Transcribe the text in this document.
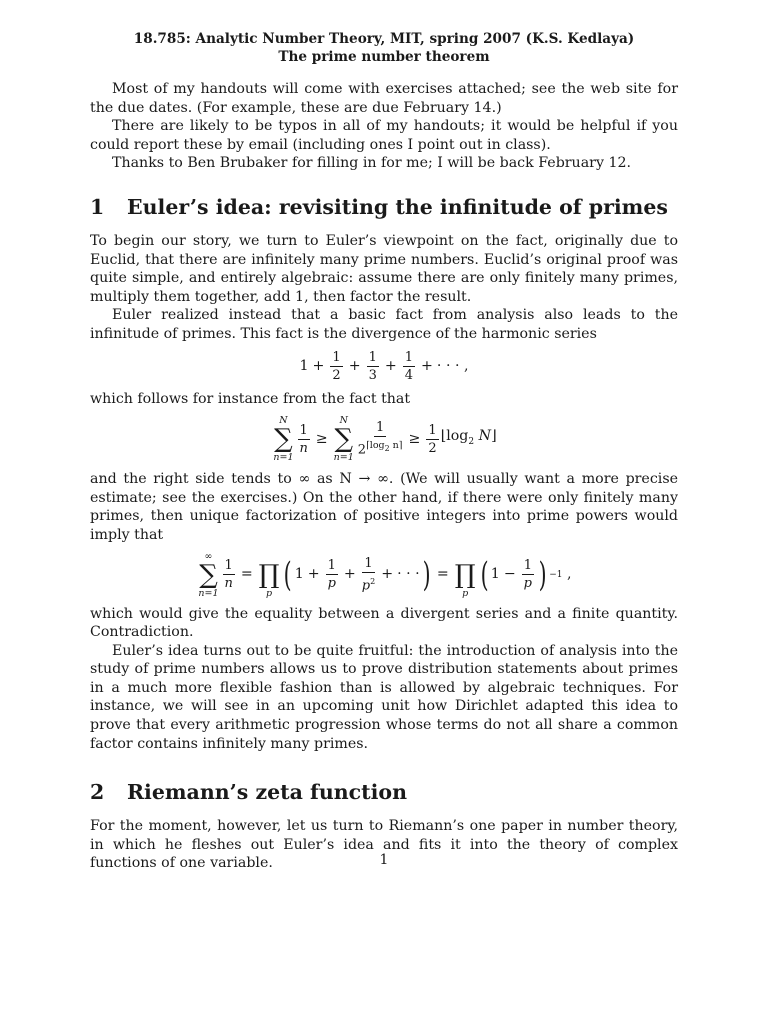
18.785: Analytic Number Theory, MIT, spring 2007 (K.S. Kedlaya)
The prime number theorem

Most of my handouts will come with exercises attached; see the web site for the due dates. (For example, these are due February 14.)

There are likely to be typos in all of my handouts; it would be helpful if you could report these by email (including ones I point out in class).

Thanks to Ben Brubaker for filling in for me; I will be back February 12.

1 Euler’s idea: revisiting the infinitude of primes

To begin our story, we turn to Euler’s viewpoint on the fact, originally due to Euclid, that there are infinitely many prime numbers. Euclid’s original proof was quite simple, and entirely algebraic: assume there are only finitely many primes, multiply them together, add 1, then factor the result.

Euler realized instead that a basic fact from analysis also leads to the infinitude of primes. This fact is the divergence of the harmonic series

$1 + \frac{1}{2} + \frac{1}{3} + \frac{1}{4}$ + · · · ,

which follows for instance from the fact that

N
∑
n=1
$\frac{1}{n}$ ≥
N
∑
$n=1 \frac{1}{2^{⌈log_2 n⌉}} \ge \frac{1}{2}$ $⌊\log_2$ N⌋

and the right side tends to ∞ as N → ∞. (We will usually want a more precise estimate; see the exercises.) On the other hand, if there were only finitely many primes, then unique factorization of positive integers into prime powers would imply that

∞
∑
n=1
$\frac{1}{n}$ =
∏
p ( $1 + \frac{1}{p} + \frac{1}{p^2}$ + · · · ) =
∏
p ( $1 - \frac{1}{p}$ ) −1 ,

which would give the equality between a divergent series and a finite quantity. Contradiction.

Euler’s idea turns out to be quite fruitful: the introduction of analysis into the study of prime numbers allows us to prove distribution statements about primes in a much more flexible fashion than is allowed by algebraic techniques. For instance, we will see in an upcoming unit how Dirichlet adapted this idea to prove that every arithmetic progression whose terms do not all share a common factor contains infinitely many primes.

2 Riemann’s zeta function

For the moment, however, let us turn to Riemann’s one paper in number theory, in which he fleshes out Euler’s idea and fits it into the theory of complex functions of one variable.	1
